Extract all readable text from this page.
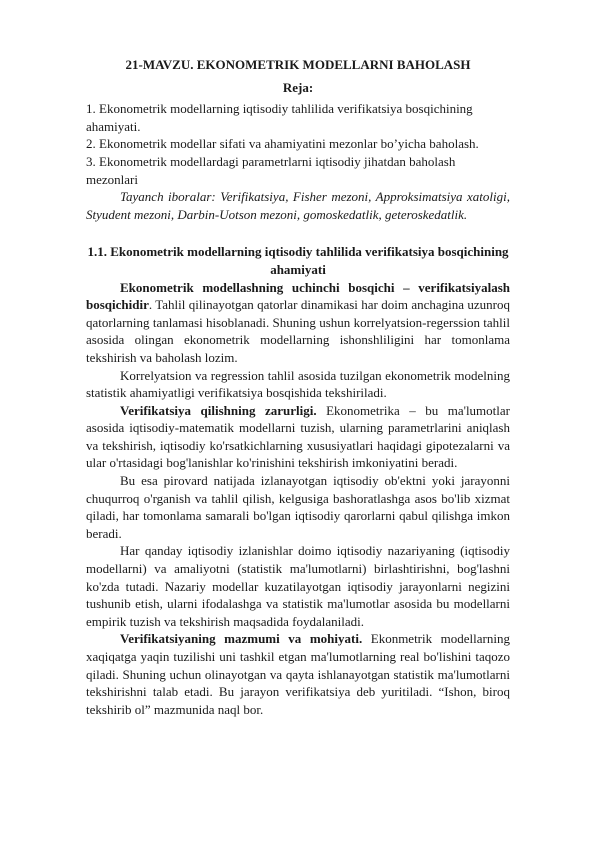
21-MAVZU. EKONOMETRIK MODELLARNI BAHOLASH
Reja:

1. Ekonometrik modellarning iqtisodiy tahlilida verifikatsiya bosqichining ahamiyati.

2. Ekonometrik modellar sifati va ahamiyatini mezonlar bo’yicha baholash.

3. Ekonometrik modellardagi parametrlarni iqtisodiy jihatdan baholash mezonlari

Tayanch iboralar: Verifikatsiya, Fisher mezoni, Approksimatsiya xatoligi, Styudent mezoni, Darbin-Uotson mezoni, gomoskedatlik, geteroskedatlik.

1.1. Ekonometrik modellarning iqtisodiy tahlilida verifikatsiya bosqichining ahamiyati

Ekonometrik modellashning uchinchi bosqichi – verifikatsiyalash bosqichidir. Tahlil qilinayotgan qatorlar dinamikasi har doim anchagina uzunroq qatorlarning tanlamasi hisoblanadi. Shuning ushun korrelyatsion-regerssion tahlil asosida olingan ekonometrik modellarning ishonshliligini har tomonlama tekshirish va baholash lozim.

Korrelyatsion va regression tahlil asosida tuzilgan ekonometrik modelning statistik ahamiyatligi verifikatsiya bosqishida tekshiriladi.

Verifikatsiya qilishning zarurligi. Ekonometrika – bu ma'lumotlar asosida iqtisodiy-matematik modellarni tuzish, ularning parametrlarini aniqlash va tekshirish, iqtisodiy ko'rsatkichlarning xususiyatlari haqidagi gipotezalarni va ular o'rtasidagi bog'lanishlar ko'rinishini tekshirish imkoniyatini beradi.

Bu esa pirovard natijada izlanayotgan iqtisodiy ob'ektni yoki jarayonni chuqurroq o'rganish va tahlil qilish, kelgusiga bashoratlashga asos bo'lib xizmat qiladi, har tomonlama samarali bo'lgan iqtisodiy qarorlarni qabul qilishga imkon beradi.

Har qanday iqtisodiy izlanishlar doimo iqtisodiy nazariyaning (iqtisodiy modellarni) va amaliyotni (statistik ma'lumotlarni) birlashtirishni, bog'lashni ko'zda tutadi. Nazariy modellar kuzatilayotgan iqtisodiy jarayonlarni negizini tushunib etish, ularni ifodalashga va statistik ma'lumotlar asosida bu modellarni empirik tuzish va tekshirish maqsadida foydalaniladi.

Verifikatsiyaning mazmumi va mohiyati. Ekonmetrik modellarning xaqiqatga yaqin tuzilishi uni tashkil etgan ma'lumotlarning real bo'lishini taqozo qiladi. Shuning uchun olinayotgan va qayta ishlanayotgan statistik ma'lumotlarni tekshirishni talab etadi. Bu jarayon verifikatsiya deb yuritiladi. “Ishon, biroq tekshirib ol” mazmunida naql bor.
